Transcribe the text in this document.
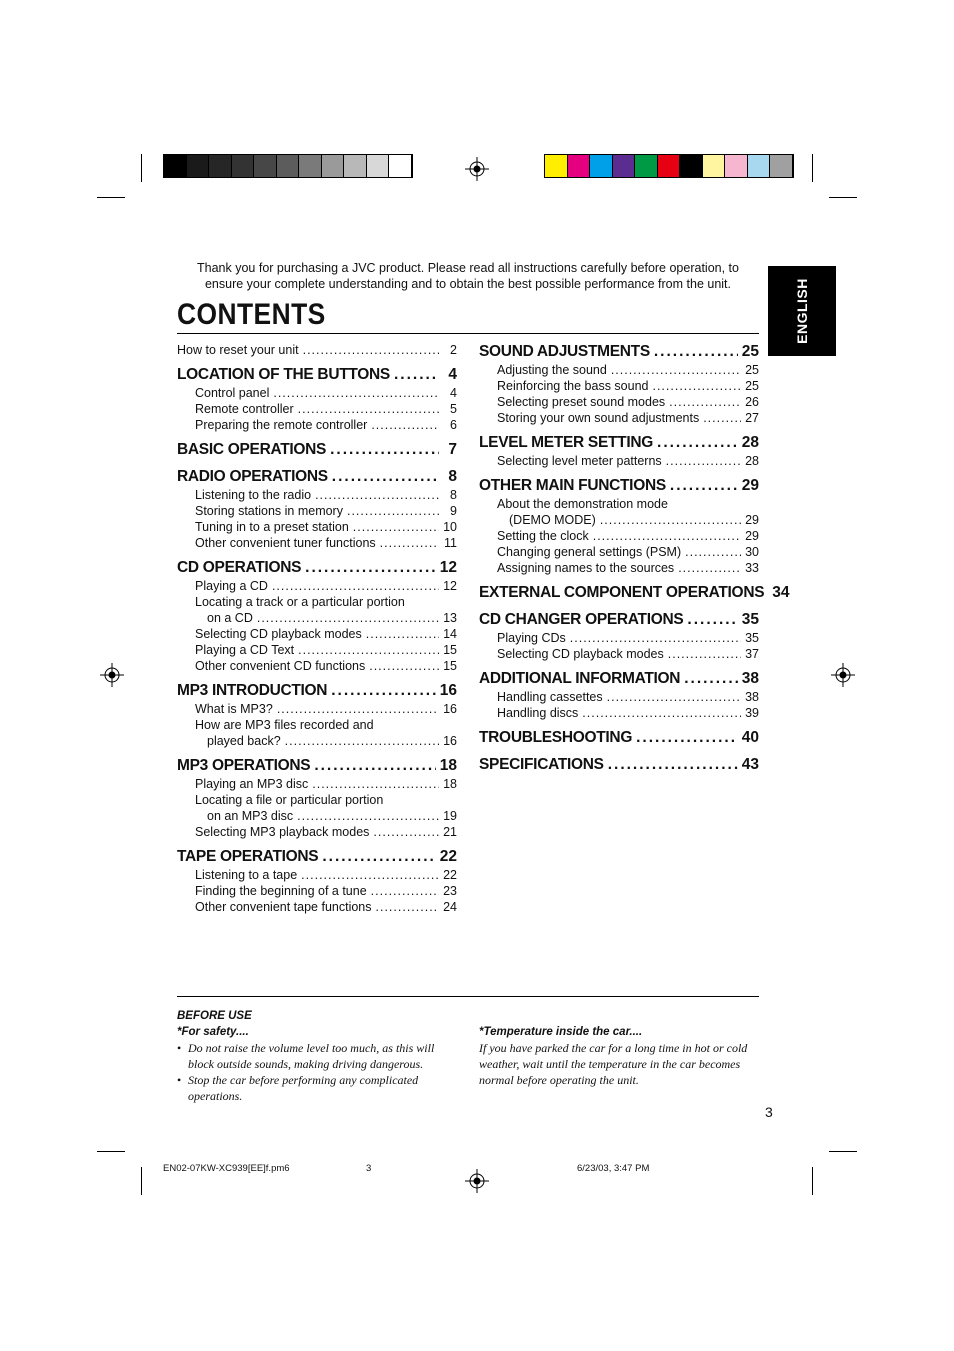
Thank you for purchasing a JVC product. Please read all instructions carefully before operation, to ensure your complete understanding and to obtain the best possible performance from the unit.
CONTENTS	ENGLISH
How to reset your unit .....	2
LOCATION OF THE BUTTONS .....	4
Control panel .....	4
Remote controller .....	5
Preparing the remote controller .....	6
BASIC OPERATIONS .....	7
RADIO OPERATIONS .....	8
Listening to the radio .....	8
Storing stations in memory .....	9
Tuning in to a preset station .....	10
Other convenient tuner functions .....	11
CD OPERATIONS .....	12
Playing a CD .....	12
Locating a track or a particular portion
on a CD .....	13
Selecting CD playback modes .....	14
Playing a CD Text .....	15
Other convenient CD functions .....	15
MP3 INTRODUCTION .....	16
What is MP3? .....	16
How are MP3 files recorded and
played back? .....	16
MP3 OPERATIONS .....	18
Playing an MP3 disc .....	18
Locating a file or particular portion
on an MP3 disc .....	19
Selecting MP3 playback modes .....	21
TAPE OPERATIONS .....	22
Listening to a tape .....	22
Finding the beginning of a tune .....	23
Other convenient tape functions .....	24
SOUND ADJUSTMENTS .....	25
Adjusting the sound .....	25
Reinforcing the bass sound .....	25
Selecting preset sound modes .....	26
Storing your own sound adjustments .....	27
LEVEL METER SETTING .....	28
Selecting level meter patterns .....	28
OTHER MAIN FUNCTIONS .....	29
About the demonstration mode
(DEMO MODE) .....	29
Setting the clock .....	29
Changing general settings (PSM) .....	30
Assigning names to the sources .....	33
EXTERNAL COMPONENT OPERATIONS 34
CD CHANGER OPERATIONS .....	35
Playing CDs .....	35
Selecting CD playback modes .....	37
ADDITIONAL INFORMATION .....	38
Handling cassettes .....	38
Handling discs .....	39
TROUBLESHOOTING .....	40
SPECIFICATIONS .....	43
BEFORE USE
*For safety....
• Do not raise the volume level too much, as this will block outside sounds, making driving dangerous.
• Stop the car before performing any complicated operations.
*Temperature inside the car....
If you have parked the car for a long time in hot or cold weather, wait until the temperature in the car becomes normal before operating the unit.
3
EN02-07KW-XC939[EE]f.pm6	3	6/23/03, 3:47 PM
